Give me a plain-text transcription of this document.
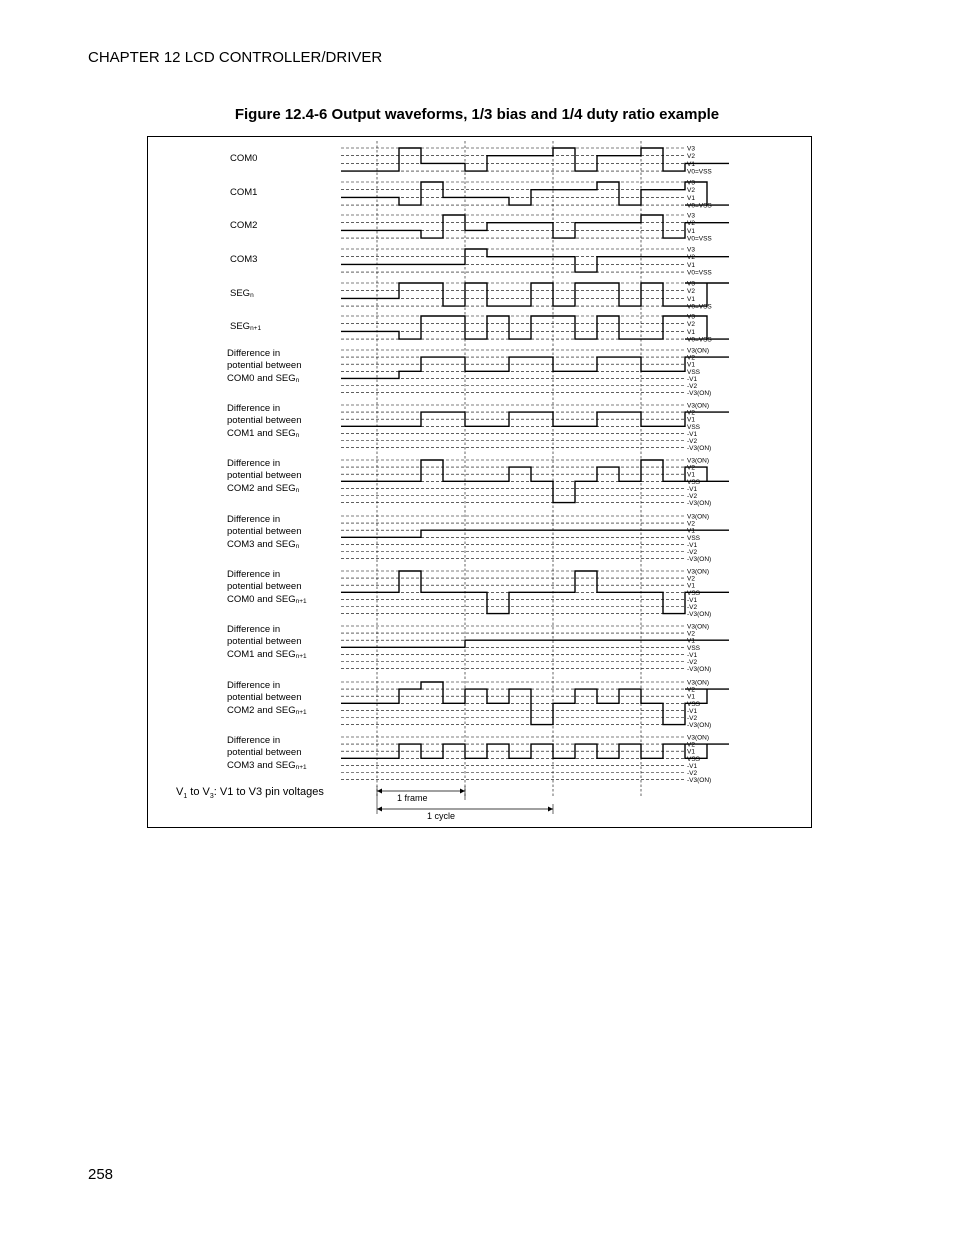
CHAPTER 12 LCD CONTROLLER/DRIVER
Figure 12.4-6 Output waveforms, 1/3 bias and 1/4 duty ratio example
V3
V2
V1
V0=VSS
V3
V2
V1
V0=VSS
V3
V2
V1
V0=VSS
V3
V2
V1
V0=VSS
V3
V2
V1
V0=VSS
V3
V2
V1
V0=VSS
V3(ON)
V2
V1
VSS
-V1
-V2
-V3(ON)
V3(ON)
V2
V1
VSS
-V1
-V2
-V3(ON)
V3(ON)
V2
V1
VSS
-V1
-V2
-V3(ON)
V3(ON)
V2
V1
VSS
-V1
-V2
-V3(ON)
V3(ON)
V2
V1
VSS
-V1
-V2
-V3(ON)
V3(ON)
V2
V1
VSS
-V1
-V2
-V3(ON)
V3(ON)
V2
V1
VSS
-V1
-V2
-V3(ON)
V3(ON)
V2
V1
VSS
-V1
-V2
-V3(ON)
COM0
COM1
COM2
COM3
$SEG_n$
$SEG_{n+1}$
Difference in
potential between
COM0 and $SEG_n$
Difference in
potential between
COM1 and $SEG_n$
Difference in
potential between
COM2 and $SEG_n$
Difference in
potential between
COM3 and $SEG_n$
Difference in
potential between
COM0 and $SEG_{n+1}$
Difference in
potential between
COM1 and $SEG_{n+1}$
Difference in
potential between
COM2 and $SEG_{n+1}$
Difference in
potential between
COM3 and $SEG_{n+1}$
$V_1$ to $V_3$: V1 to V3 pin voltages	1 frame
1 cycle
258
